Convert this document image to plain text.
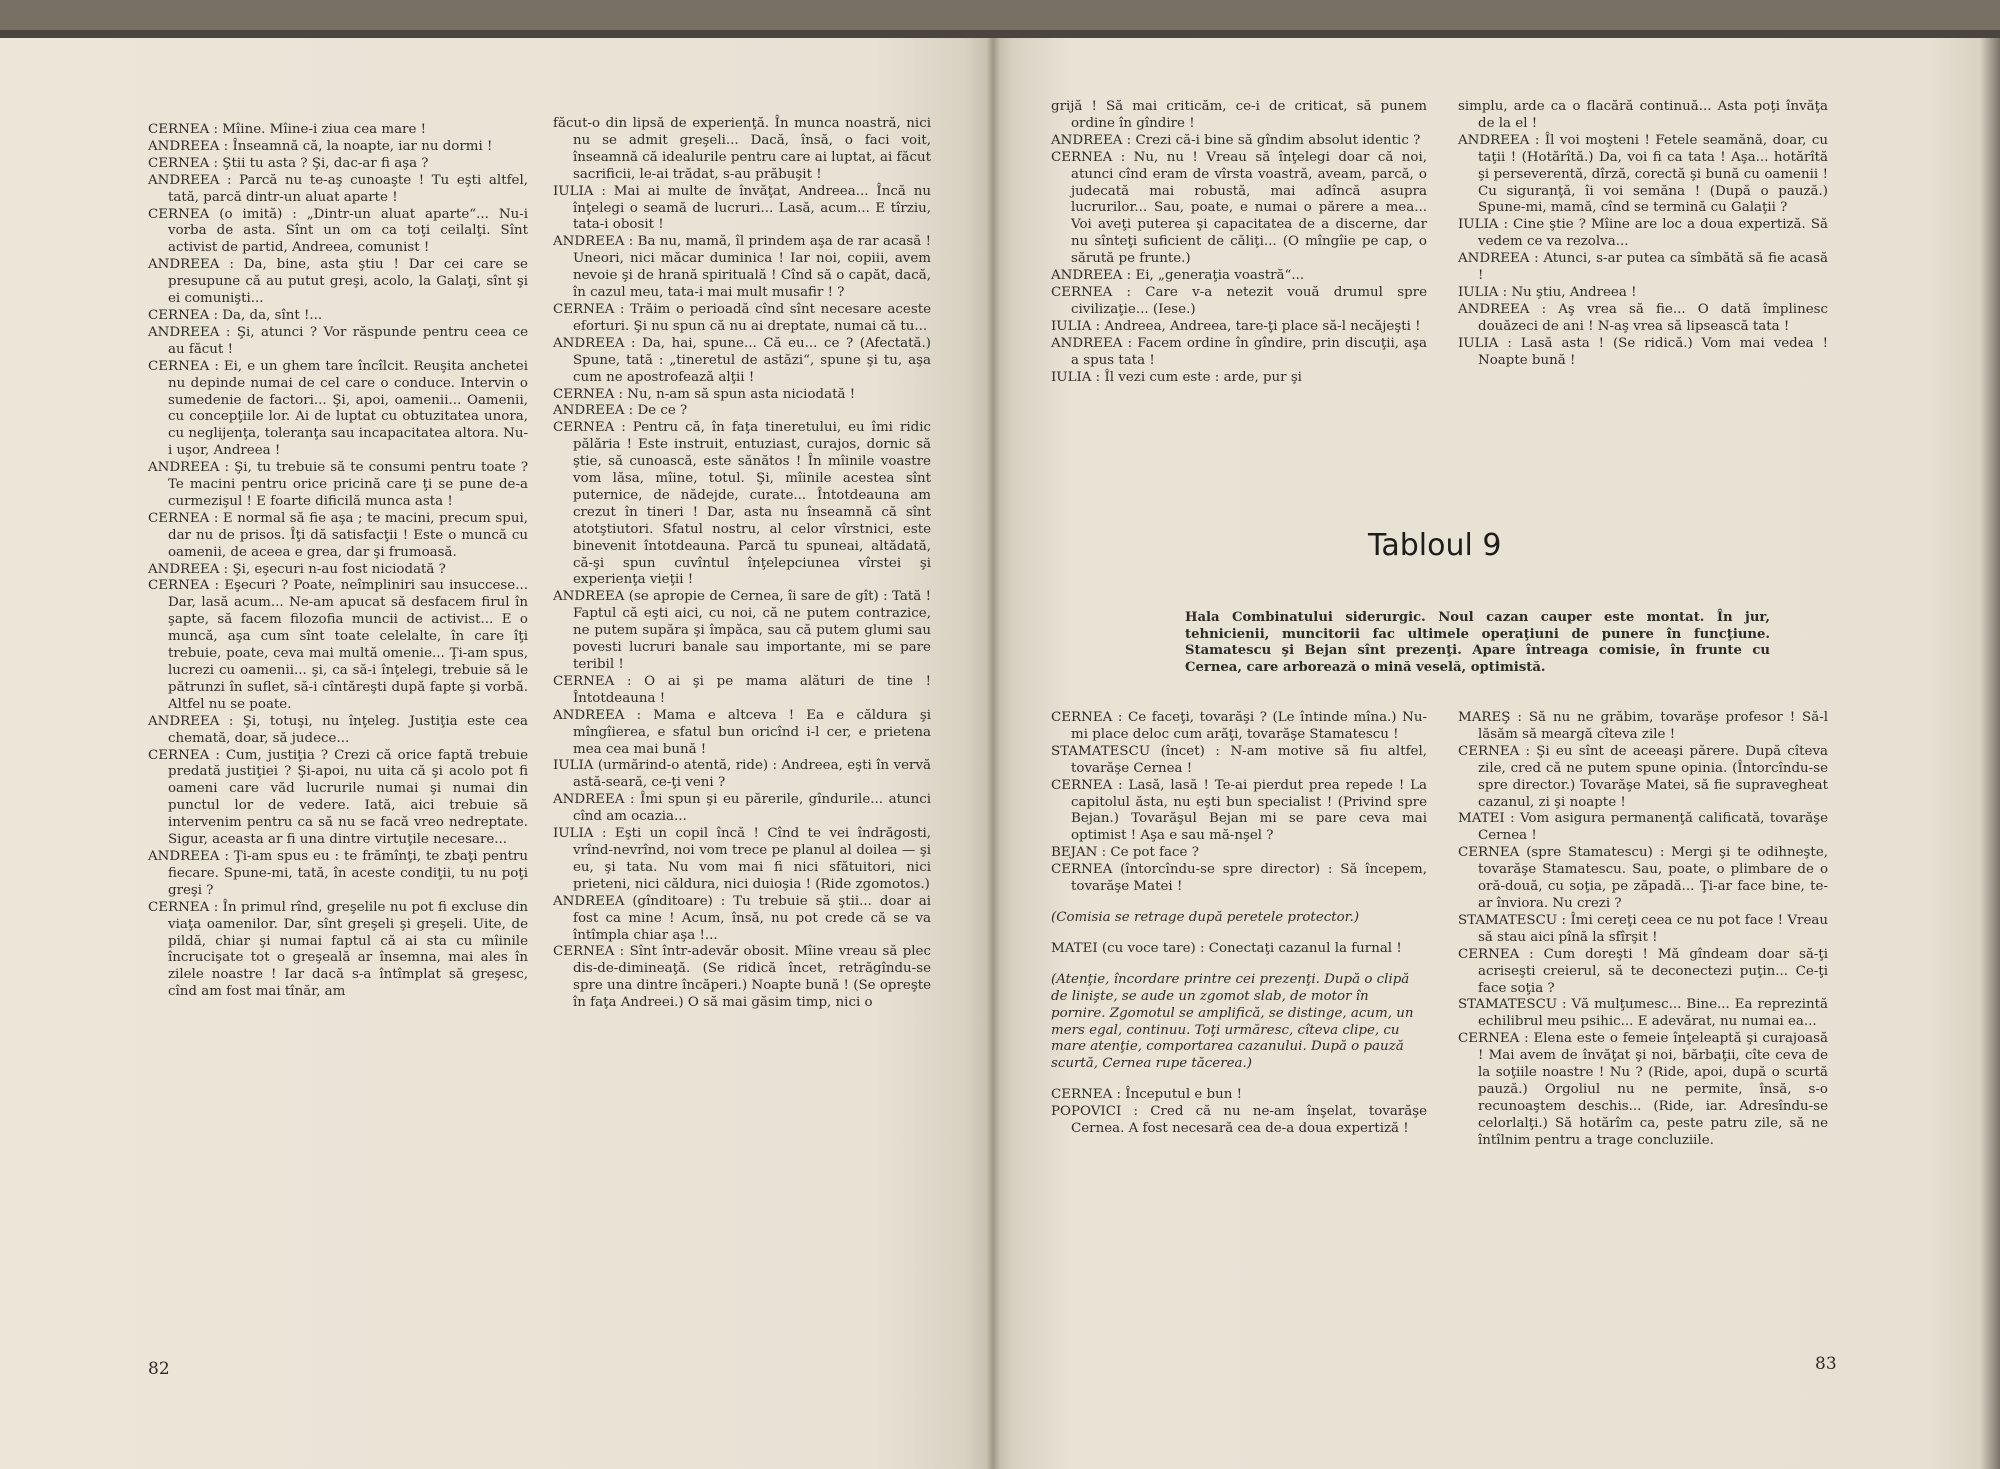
CERNEA : Mîine. Mîine-i ziua cea mare !

ANDREEA : Înseamnă că, la noapte, iar nu dormi !

CERNEA : Ştii tu asta ? Şi, dac-ar fi aşa ?

ANDREEA : Parcă nu te-aş cunoaşte ! Tu eşti altfel, tată, parcă dintr-un aluat aparte !

CERNEA (o imită) : „Dintr-un aluat aparte“... Nu-i vorba de asta. Sînt un om ca toţi ceilalţi. Sînt activist de partid, Andreea, comunist !

ANDREEA : Da, bine, asta ştiu ! Dar cei care se presupune că au putut greşi, acolo, la Galaţi, sînt şi ei comunişti...

CERNEA : Da, da, sînt !...

ANDREEA : Şi, atunci ? Vor răspunde pentru ceea ce au făcut !

CERNEA : Ei, e un ghem tare încîlcit. Reuşita anchetei nu depinde numai de cel care o conduce. Intervin o sumedenie de factori... Şi, apoi, oamenii... Oamenii, cu concepţiile lor. Ai de luptat cu obtuzitatea unora, cu neglijenţa, toleranţa sau incapacitatea altora. Nu-i uşor, Andreea !

ANDREEA : Şi, tu trebuie să te consumi pentru toate ? Te macini pentru orice pricină care ţi se pune de-a curmezişul ! E foarte dificilă munca asta !

CERNEA : E normal să fie aşa ; te macini, precum spui, dar nu de prisos. Îţi dă satisfacţii ! Este o muncă cu oamenii, de aceea e grea, dar şi frumoasă.

ANDREEA : Şi, eşecuri n-au fost niciodată ?

CERNEA : Eşecuri ? Poate, neîmpliniri sau insuccese... Dar, lasă acum... Ne-am apucat să desfacem firul în şapte, să facem filozofia muncii de activist... E o muncă, aşa cum sînt toate celelalte, în care îţi trebuie, poate, ceva mai multă omenie... Ţi-am spus, lucrezi cu oamenii... şi, ca să-i înţelegi, trebuie să le pătrunzi în suflet, să-i cîntăreşti după fapte şi vorbă. Altfel nu se poate.

ANDREEA : Şi, totuşi, nu înţeleg. Justiţia este cea chemată, doar, să judece...

CERNEA : Cum, justiţia ? Crezi că orice faptă trebuie predată justiţiei ? Şi-apoi, nu uita că şi acolo pot fi oameni care văd lucrurile numai şi numai din punctul lor de vedere. Iată, aici trebuie să intervenim pentru ca să nu se facă vreo nedreptate. Sigur, aceasta ar fi una dintre virtuţile necesare...

ANDREEA : Ţi-am spus eu : te frămînţi, te zbaţi pentru fiecare. Spune-mi, tată, în aceste condiţii, tu nu poţi greşi ?

CERNEA : În primul rînd, greşelile nu pot fi excluse din viaţa oamenilor. Dar, sînt greşeli şi greşeli. Uite, de pildă, chiar şi numai faptul că ai sta cu mîinile încrucişate tot o greşeală ar însemna, mai ales în zilele noastre ! Iar dacă s-a întîmplat să greşesc, cînd am fost mai tînăr, am

făcut-o din lipsă de experienţă. În munca noastră, nici nu se admit greşeli... Dacă, însă, o faci voit, înseamnă că idealurile pentru care ai luptat, ai făcut sacrificii, le-ai trădat, s-au prăbuşit !

IULIA : Mai ai multe de învăţat, Andreea... Încă nu înţelegi o seamă de lucruri... Lasă, acum... E tîrziu, tata-i obosit !

ANDREEA : Ba nu, mamă, îl prindem aşa de rar acasă ! Uneori, nici măcar duminica ! Iar noi, copiii, avem nevoie şi de hrană spirituală ! Cînd să o capăt, dacă, în cazul meu, tata-i mai mult musafir ! ?

CERNEA : Trăim o perioadă cînd sînt necesare aceste eforturi. Şi nu spun că nu ai dreptate, numai că tu...

ANDREEA : Da, hai, spune... Că eu... ce ? (Afectată.) Spune, tată : „tineretul de astăzi“, spune şi tu, aşa cum ne apostrofează alţii !

CERNEA : Nu, n-am să spun asta niciodată !

ANDREEA : De ce ?

CERNEA : Pentru că, în faţa tineretului, eu îmi ridic pălăria ! Este instruit, entuziast, curajos, dornic să ştie, să cunoască, este sănătos ! În mîinile voastre vom lăsa, mîine, totul. Şi, mîinile acestea sînt puternice, de nădejde, curate... Întotdeauna am crezut în tineri ! Dar, asta nu înseamnă că sînt atotştiutori. Sfatul nostru, al celor vîrstnici, este binevenit întotdeauna. Parcă tu spuneai, altădată, că-şi spun cuvîntul înţelepciunea vîrstei şi experienţa vieţii !

ANDREEA (se apropie de Cernea, îi sare de gît) : Tată ! Faptul că eşti aici, cu noi, că ne putem contrazice, ne putem supăra şi împăca, sau că putem glumi sau povesti lucruri banale sau importante, mi se pare teribil !

CERNEA : O ai şi pe mama alături de tine ! Întotdeauna !

ANDREEA : Mama e altceva ! Ea e căldura şi mîngîierea, e sfatul bun oricînd i-l cer, e prietena mea cea mai bună !

IULIA (urmărind-o atentă, ride) : Andreea, eşti în vervă astă-seară, ce-ţi veni ?

ANDREEA : Îmi spun şi eu părerile, gîndurile... atunci cînd am ocazia...

IULIA : Eşti un copil încă ! Cînd te vei îndrăgosti, vrînd-nevrînd, noi vom trece pe planul al doilea — şi eu, şi tata. Nu vom mai fi nici sfătuitori, nici prieteni, nici căldura, nici duioşia ! (Ride zgomotos.)

ANDREEA (gînditoare) : Tu trebuie să ştii... doar ai fost ca mine ! Acum, însă, nu pot crede că se va întîmpla chiar aşa !...

CERNEA : Sînt într-adevăr obosit. Mîine vreau să plec dis-de-dimineaţă. (Se ridică încet, retrăgîndu-se spre una dintre încăperi.) Noapte bună ! (Se opreşte în faţa Andreei.) O să mai găsim timp, nici o

82

grijă ! Să mai criticăm, ce-i de criticat, să punem ordine în gîndire !

ANDREEA : Crezi că-i bine să gîndim absolut identic ?

CERNEA : Nu, nu ! Vreau să înţelegi doar că noi, atunci cînd eram de vîrsta voastră, aveam, parcă, o judecată mai robustă, mai adîncă asupra lucrurilor... Sau, poate, e numai o părere a mea... Voi aveţi puterea şi capacitatea de a discerne, dar nu sînteţi suficient de căliţi... (O mîngîie pe cap, o sărută pe frunte.)

ANDREEA : Ei, „generaţia voastră“...

CERNEA : Care v-a netezit vouă drumul spre civilizaţie... (Iese.)

IULIA : Andreea, Andreea, tare-ţi place să-l necăjeşti !

ANDREEA : Facem ordine în gîndire, prin discuţii, aşa a spus tata !

IULIA : Îl vezi cum este : arde, pur şi

simplu, arde ca o flacără continuă... Asta poţi învăţa de la el !

ANDREEA : Îl voi moşteni ! Fetele seamănă, doar, cu taţii ! (Hotărîtă.) Da, voi fi ca tata ! Aşa... hotărîtă şi perseverentă, dîrză, corectă şi bună cu oamenii ! Cu siguranţă, îi voi semăna ! (După o pauză.) Spune-mi, mamă, cînd se termină cu Galaţii ?

IULIA : Cine ştie ? Mîine are loc a doua expertiză. Să vedem ce va rezolva...

ANDREEA : Atunci, s-ar putea ca sîmbătă să fie acasă !

IULIA : Nu ştiu, Andreea !

ANDREEA : Aş vrea să fie... O dată împlinesc douăzeci de ani ! N-aş vrea să lipsească tata !

IULIA : Lasă asta ! (Se ridică.) Vom mai vedea ! Noapte bună !

CERNEA : Ce faceţi, tovarăşi ? (Le întinde mîna.) Nu-mi place deloc cum arăţi, tovarăşe Stamatescu !

STAMATESCU (încet) : N-am motive să fiu altfel, tovarăşe Cernea !

CERNEA : Lasă, lasă ! Te-ai pierdut prea repede ! La capitolul ăsta, nu eşti bun specialist ! (Privind spre Bejan.) Tovarăşul Bejan mi se pare ceva mai optimist ! Aşa e sau mă-nşel ?

BEJAN : Ce pot face ?

CERNEA (întorcîndu-se spre director) : Să începem, tovarăşe Matei !

(Comisia se retrage după peretele protector.)

MATEI (cu voce tare) : Conectaţi cazanul la furnal !

(Atenţie, încordare printre cei prezenţi. După o clipă de linişte, se aude un zgomot slab, de motor în pornire. Zgomotul se amplifică, se distinge, acum, un mers egal, continuu. Toţi urmăresc, cîteva clipe, cu mare atenţie, comportarea cazanului. După o pauză scurtă, Cernea rupe tăcerea.)

CERNEA : Începutul e bun !

POPOVICI : Cred că nu ne-am înşelat, tovarăşe Cernea. A fost necesară cea de-a doua expertiză !

MAREŞ : Să nu ne grăbim, tovarăşe profesor ! Să-l lăsăm să meargă cîteva zile !

CERNEA : Şi eu sînt de aceeaşi părere. După cîteva zile, cred că ne putem spune opinia. (Întorcîndu-se spre director.) Tovarăşe Matei, să fie supravegheat cazanul, zi şi noapte !

MATEI : Vom asigura permanenţă calificată, tovarăşe Cernea !

CERNEA (spre Stamatescu) : Mergi şi te odihneşte, tovarăşe Stamatescu. Sau, poate, o plimbare de o oră-două, cu soţia, pe zăpadă... Ţi-ar face bine, te-ar înviora. Nu crezi ?

STAMATESCU : Îmi cereţi ceea ce nu pot face ! Vreau să stau aici pînă la sfîrşit !

CERNEA : Cum doreşti ! Mă gîndeam doar să-ţi acriseşti creierul, să te deconectezi puţin... Ce-ţi face soţia ?

STAMATESCU : Vă mulţumesc... Bine... Ea reprezintă echilibrul meu psihic... E adevărat, nu numai ea...

CERNEA : Elena este o femeie înţeleaptă şi curajoasă ! Mai avem de învăţat şi noi, bărbaţii, cîte ceva de la soţiile noastre ! Nu ? (Ride, apoi, după o scurtă pauză.) Orgoliul nu ne permite, însă, s-o recunoaştem deschis... (Ride, iar. Adresîndu-se celorlalţi.) Să hotărîm ca, peste patru zile, să ne întîlnim pentru a trage concluziile.

83
Tabloul 9
Hala Combinatului siderurgic. Noul cazan cauper este montat. În jur, tehnicienii, muncitorii fac ultimele operaţiuni de punere în funcţiune. Stamatescu şi Bejan sînt prezenţi. Apare întreaga comisie, în frunte cu Cernea, care arborează o mină veselă, optimistă.
